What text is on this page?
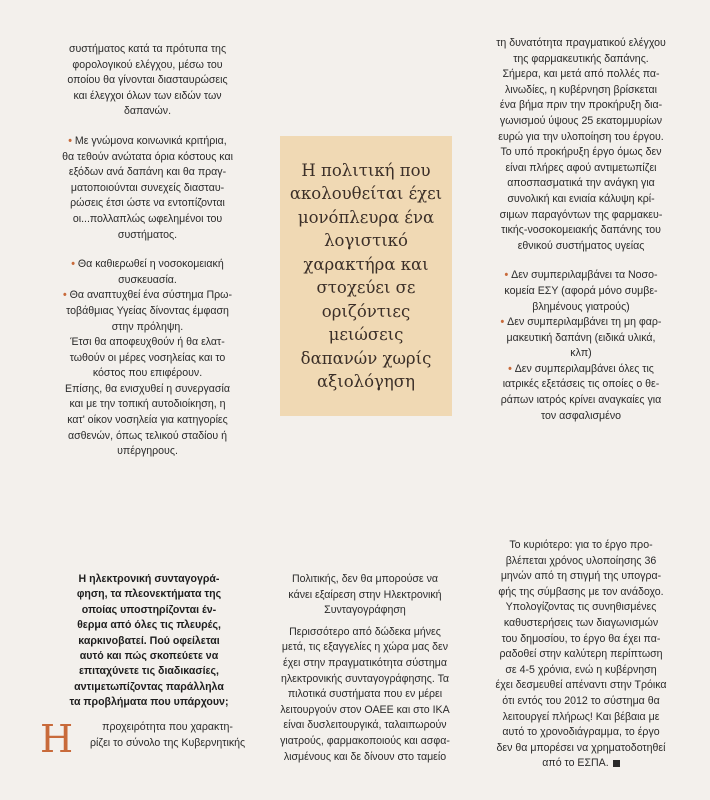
συστήματος κατά τα πρότυπα της
φορολογικού ελέγχου, μέσω του
οποίου θα γίνονται διασταυρώσεις
και έλεγχοι όλων των ειδών των
δαπανών.
• Με γνώμονα κοινωνικά κριτήρια,
θα τεθούν ανώτατα όρια κόστους και
εξόδων ανά δαπάνη και θα πραγ-
ματοποιούνται συνεχείς διασταυ-
ρώσεις έτσι ώστε να εντοπίζονται
οι...πολλαπλώς ωφελημένοι του
συστήματος.
• Θα καθιερωθεί η νοσοκομειακή
συσκευασία.
• Θα αναπτυχθεί ένα σύστημα Πρω-
τοβάθμιας Υγείας δίνοντας έμφαση
στην πρόληψη.
Έτσι θα αποφευχθούν ή θα ελατ-
τωθούν οι μέρες νοσηλείας και το
κόστος που επιφέρουν.
Επίσης, θα ενισχυθεί η συνεργασία
και με την τοπική αυτοδιοίκηση, η
κατ' οίκον νοσηλεία για κατηγορίες
ασθενών, όπως τελικού σταδίου ή
υπέργηρους.
Η πολιτική που ακολουθείται έχει μονόπλευρα ένα λογιστικό χαρακτήρα και στοχεύει σε οριζόντιες μειώσεις δαπανών χωρίς αξιολόγηση
τη δυνατότητα πραγματικού ελέγχου
της φαρμακευτικής δαπάνης.
Σήμερα, και μετά από πολλές πα-
λινωδίες, η κυβέρνηση βρίσκεται
ένα βήμα πριν την προκήρυξη δια-
γωνισμού ύψους 25 εκατομμυρίων
ευρώ για την υλοποίηση του έργου.
Το υπό προκήρυξη έργο όμως δεν
είναι πλήρες αφού αντιμετωπίζει
αποσπασματικά την ανάγκη για
συνολική και ενιαία κάλυψη κρί-
σιμων παραγόντων της φαρμακευ-
τικής-νοσοκομειακής δαπάνης του
εθνικού συστήματος υγείας
• Δεν συμπεριλαμβάνει τα Νοσο-
κομεία ΕΣΥ (αφορά μόνο συμβε-
βλημένους γιατρούς)
• Δεν συμπεριλαμβάνει τη μη φαρ-
μακευτική δαπάνη (ειδικά υλικά,
κλπ)
• Δεν συμπεριλαμβάνει όλες τις
ιατρικές εξετάσεις τις οποίες ο θε-
ράπων ιατρός κρίνει αναγκαίες για
τον ασφαλισμένο
Η ηλεκτρονική συνταγογρά-
φηση, τα πλεονεκτήματα της
οποίας υποστηρίζονται έν-
θερμα από όλες τις πλευρές,
καρκινοβατεί. Πού οφείλεται
αυτό και πώς σκοπεύετε να
επιταχύνετε τις διαδικασίες,
αντιμετωπίζοντας παράλληλα
τα προβλήματα που υπάρχουν;
Η	προχειρότητα που χαρακτη-
ρίζει το σύνολο της Κυβερνητικής
Πολιτικής, δεν θα μπορούσε να
κάνει εξαίρεση στην Ηλεκτρονική
Συνταγογράφηση
Περισσότερο από δώδεκα μήνες
μετά, τις εξαγγελίες η χώρα μας δεν
έχει στην πραγματικότητα σύστημα
ηλεκτρονικής συνταγογράφησης. Τα
πιλοτικά συστήματα που εν μέρει
λειτουργούν στον ΟΑΕΕ και στο ΙΚΑ
είναι δυσλειτουργικά, ταλαιπωρούν
γιατρούς, φαρμακοποιούς και ασφα-
λισμένους και δε δίνουν στο ταμείο
Το κυριότερο: για το έργο προ-
βλέπεται χρόνος υλοποίησης 36
μηνών από τη στιγμή της υπογρα-
φής της σύμβασης με τον ανάδοχο.
Υπολογίζοντας τις συνηθισμένες
καθυστερήσεις των διαγωνισμών
του δημοσίου, το έργο θα έχει πα-
ραδοθεί στην καλύτερη περίπτωση
σε 4-5 χρόνια, ενώ η κυβέρνηση
έχει δεσμευθεί απέναντι στην Τρόικα
ότι εντός του 2012 το σύστημα θα
λειτουργεί πλήρως! Και βέβαια με
αυτό το χρονοδιάγραμμα, το έργο
δεν θα μπορέσει να χρηματοδοτηθεί
από το ΕΣΠΑ.
